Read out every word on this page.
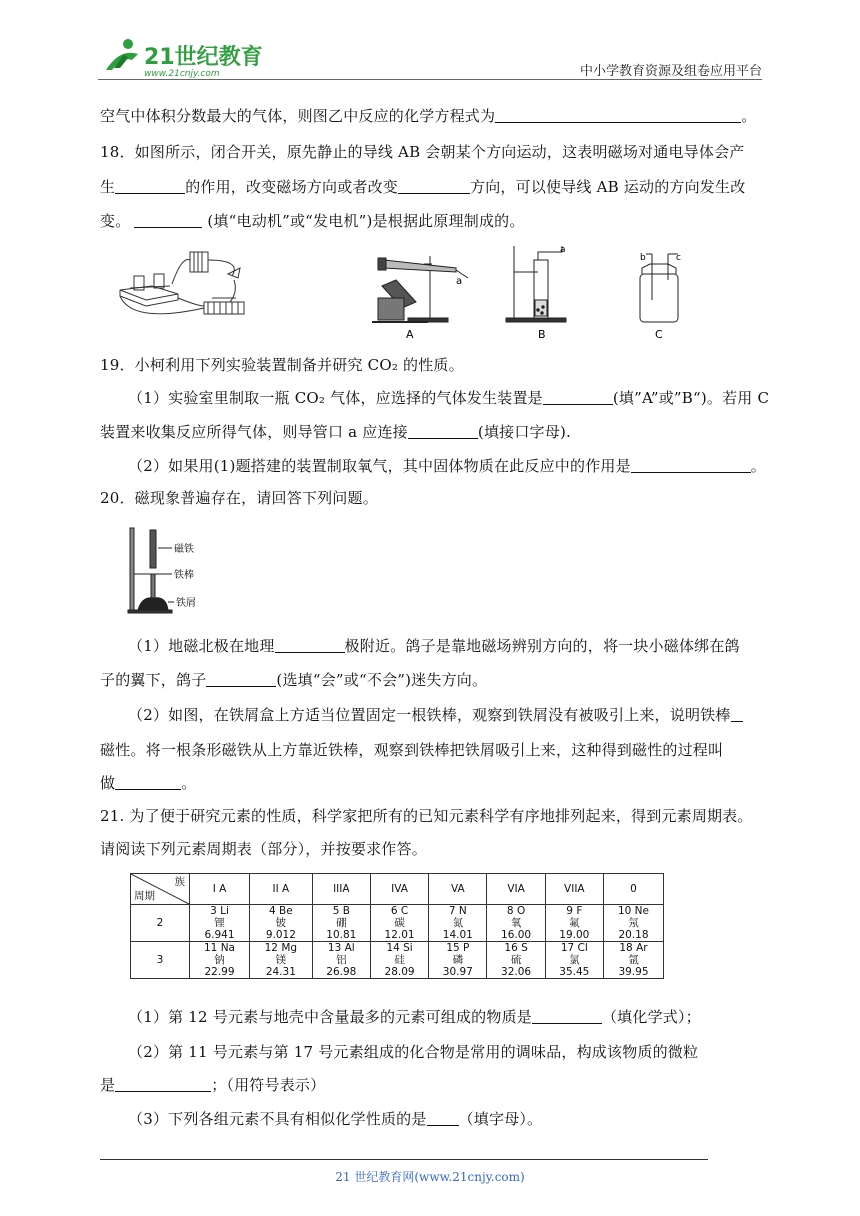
21世纪教育
www.21cnjy.com	中小学教育资源及组卷应用平台
空气中体积分数最大的气体，则图乙中反应的化学方程式为	。
18．如图所示，闭合开关，原先静止的导线 AB 会朝某个方向运动，这表明磁场对通电导体会产
生	的作用，改变磁场方向或者改变	方向，可以使导线 AB 运动的方向发生改
变。	(填“电动机”或“发电机”)是根据此原理制成的。
a
A
a
B
b	c
C
19．小柯利用下列实验装置制备并研究 CO₂ 的性质。
（1）实验室里制取一瓶 CO₂ 气体，应选择的气体发生装置是	(填”A”或”B“)。若用 C
装置来收集反应所得气体，则导管口 a 应连接	(填接口字母).
（2）如果用(1)题搭建的装置制取氧气，其中固体物质在此反应中的作用是	。
20．磁现象普遍存在，请回答下列问题。
磁铁
铁棒
铁屑
（1）地磁北极在地理	极附近。鸽子是靠地磁场辨别方向的，将一块小磁体绑在鸽
子的翼下，鸽子	(选填“会”或“不会”)迷失方向。
（2）如图，在铁屑盒上方适当位置固定一根铁棒，观察到铁屑没有被吸引上来，说明铁棒
磁性。将一根条形磁铁从上方靠近铁棒，观察到铁棒把铁屑吸引上来，这种得到磁性的过程叫
做	。
21. 为了便于研究元素的性质，科学家把所有的已知元素科学有序地排列起来，得到元素周期表。
请阅读下列元素周期表（部分），并按要求作答。
族
周期	I A	II A	IIIA	IVA	VA	VIA	VIIA	0
2	3 Li
锂
6.941	4 Be
铍
9.012	5 B
硼
10.81	6 C
碳
12.01	7 N
氮
14.01	8 O
氧
16.00	9 F
氟
19.00	10 Ne
氖
20.18

3	11 Na
钠
22.99	12 Mg
镁
24.31	13 Al
铝
26.98	14 Si
硅
28.09	15 P
磷
30.97	16 S
硫
32.06	17 Cl
氯
35.45	18 Ar
氩
39.95
（1）第 12 号元素与地壳中含量最多的元素可组成的物质是	（填化学式）；
（2）第 11 号元素与第 17 号元素组成的化合物是常用的调味品，构成该物质的微粒
是	；（用符号表示）
（3）下列各组元素不具有相似化学性质的是 （填字母）。
21 世纪教育网(www.21cnjy.com)
